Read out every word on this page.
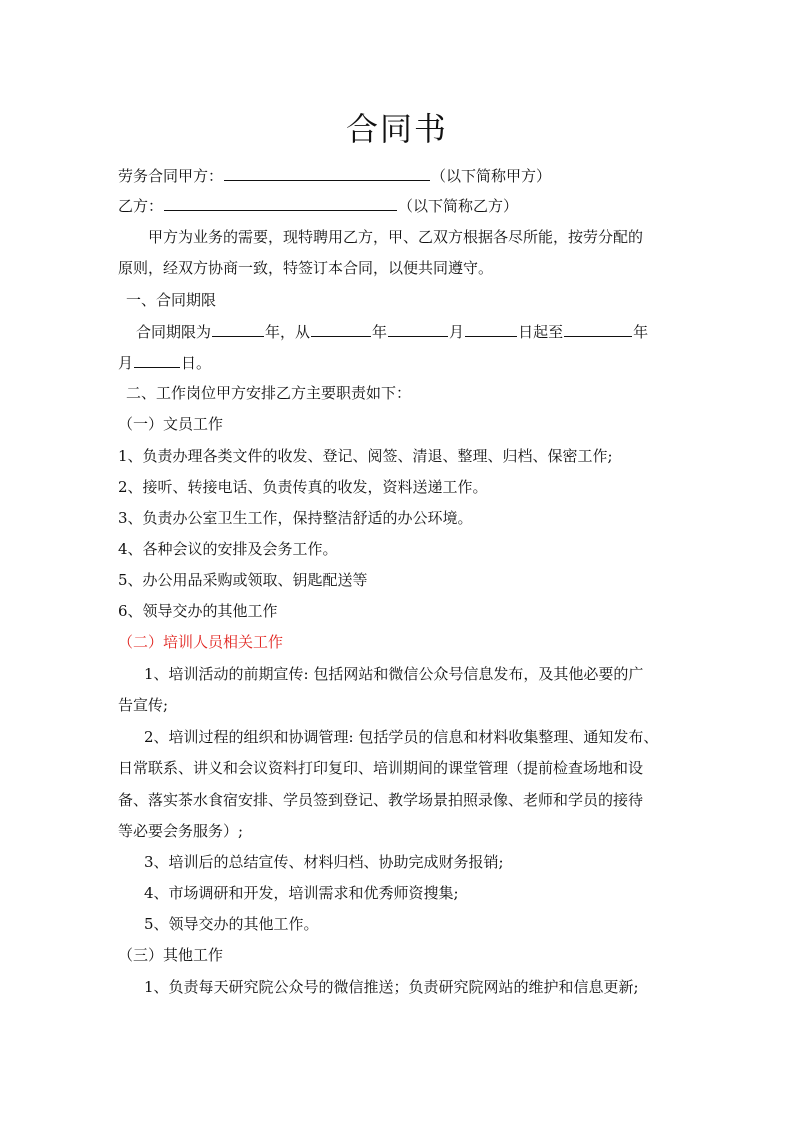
合同书
劳务合同甲方：	（以下简称甲方）
乙方：	（以下简称乙方）
甲方为业务的需要，现特聘用乙方，甲、乙双方根据各尽所能，按劳分配的
原则，经双方协商一致，特签订本合同，以便共同遵守。
一、合同期限
合同期限为	年，从	年	月	日起至	年
月	日。
二、工作岗位甲方安排乙方主要职责如下：
（一）文员工作
1、负责办理各类文件的收发、登记、阅签、清退、整理、归档、保密工作;
2、接听、转接电话、负责传真的收发，资料送递工作。
3、负责办公室卫生工作，保持整洁舒适的办公环境。
4、各种会议的安排及会务工作。
5、办公用品采购或领取、钥匙配送等
6、领导交办的其他工作
（二）培训人员相关工作
1、培训活动的前期宣传: 包括网站和微信公众号信息发布，及其他必要的广
告宣传;
2、培训过程的组织和协调管理: 包括学员的信息和材料收集整理、通知发布、
日常联系、讲义和会议资料打印复印、培训期间的课堂管理（提前检查场地和设
备、落实茶水食宿安排、学员签到登记、教学场景拍照录像、老师和学员的接待
等必要会务服务）;
3、培训后的总结宣传、材料归档、协助完成财务报销;
4、市场调研和开发，培训需求和优秀师资搜集;
5、领导交办的其他工作。
（三）其他工作
1、负责每天研究院公众号的微信推送；负责研究院网站的维护和信息更新;
